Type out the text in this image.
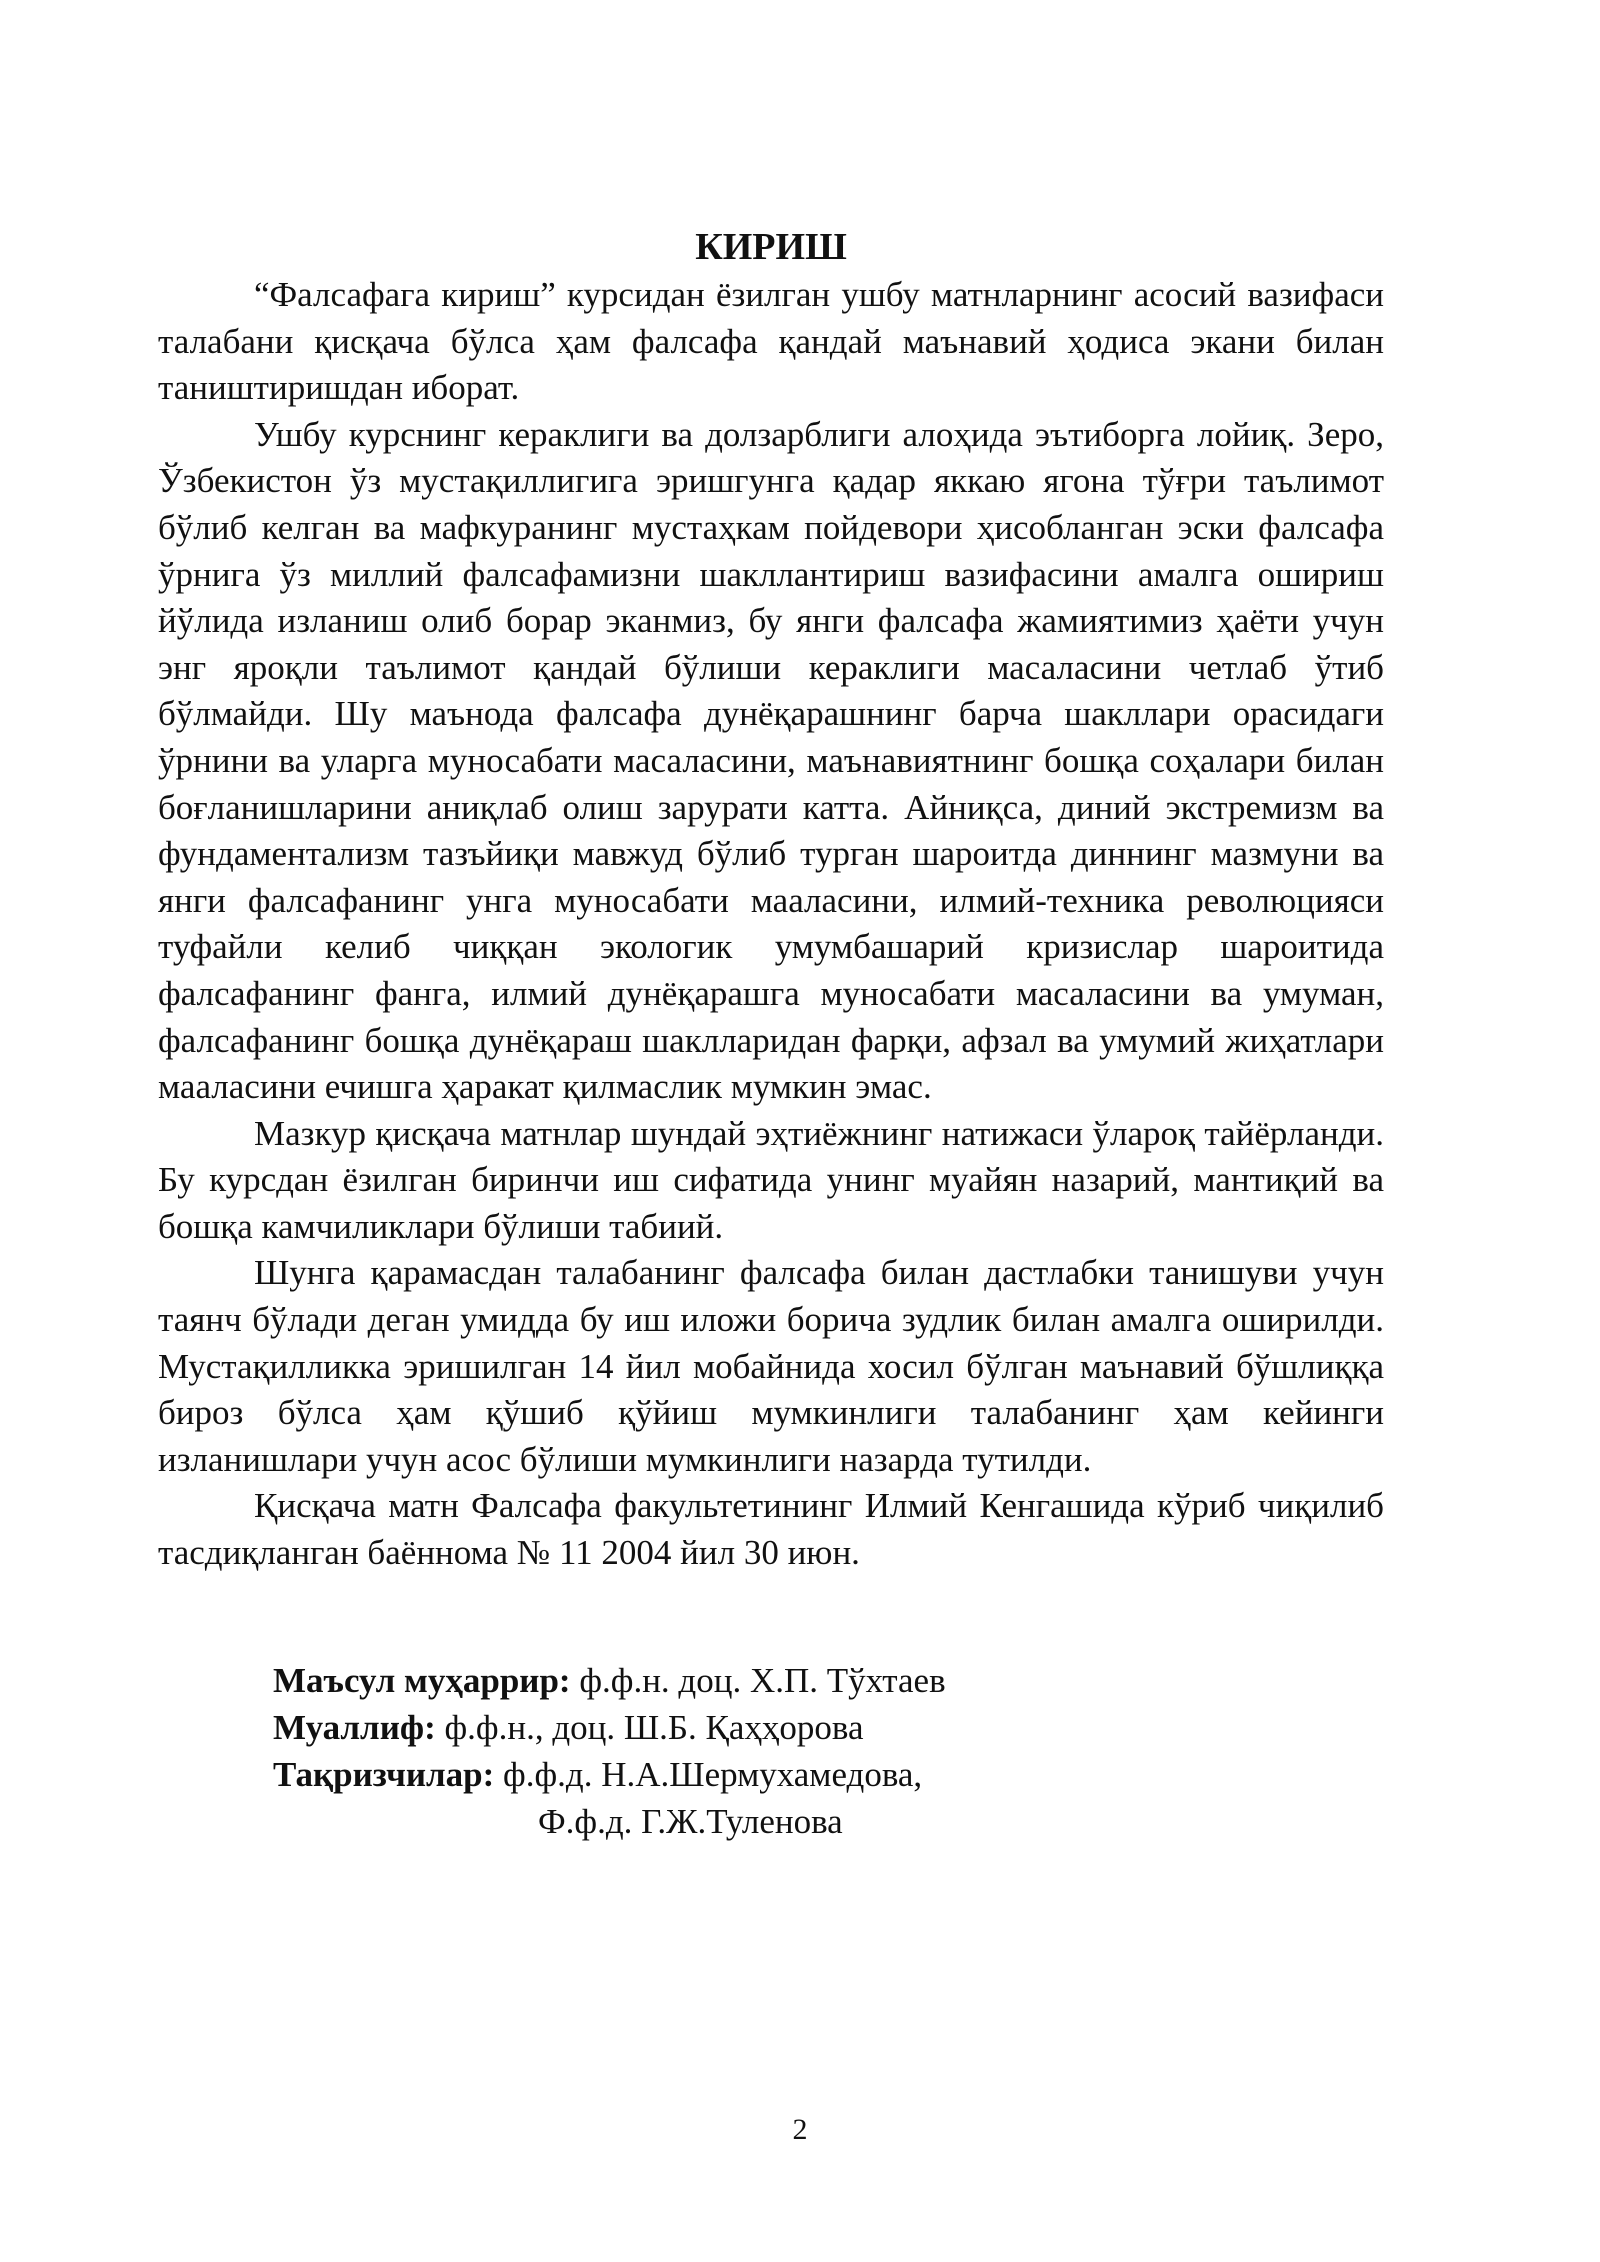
КИРИШ

“Фалсафага кириш” курсидан ёзилган ушбу матнларнинг асосий вазифаси талабани қисқача бўлса ҳам фалсафа қандай маънавий ҳодиса экани билан таништиришдан иборат.

Ушбу курснинг кераклиги ва долзарблиги алоҳида эътиборга лойиқ. Зеро, Ўзбекистон ўз мустақиллигига эришгунга қадар яккаю ягона тўғри таълимот бўлиб келган ва мафкуранинг мустаҳкам пойдевори ҳисобланган эски фалсафа ўрнига ўз миллий фалсафамизни шакллантириш вазифасини амалга ошириш йўлида изланиш олиб борар эканмиз, бу янги фалсафа жамиятимиз ҳаёти учун энг яроқли таълимот қандай бўлиши кераклиги масаласини четлаб ўтиб бўлмайди. Шу маънода фалсафа дунёқарашнинг барча шакллари орасидаги ўрнини ва уларга муносабати масаласини, маънавиятнинг бошқа соҳалари билан боғланишларини аниқлаб олиш зарурати катта. Айниқса, диний экстремизм ва фундаментализм тазъйиқи мавжуд бўлиб турган шароитда диннинг мазмуни ва янги фалсафанинг унга муносабати мааласини, илмий-техника революцияси туфайли келиб чиққан экологик умумбашарий кризислар шароитида фалсафанинг фанга, илмий дунёқарашга муносабати масаласини ва умуман, фалсафанинг бошқа дунёқараш шаклларидан фарқи, афзал ва умумий жиҳатлари мааласини ечишга ҳаракат қилмаслик мумкин эмас.

Мазкур қисқача матнлар шундай эҳтиёжнинг натижаси ўлароқ тайёрланди. Бу курсдан ёзилган биринчи иш сифатида унинг муайян назарий, мантиқий ва бошқа камчиликлари бўлиши табиий.

Шунга қарамасдан талабанинг фалсафа билан дастлабки танишуви учун таянч бўлади деган умидда бу иш иложи борича зудлик билан амалга оширилди. Мустақилликка эришилган 14 йил мобайнида хосил бўлган маънавий бўшлиққа бироз бўлса ҳам қўшиб қўйиш мумкинлиги талабанинг ҳам кейинги изланишлари учун асос бўлиши мумкинлиги назарда тутилди.

Қисқача матн Фалсафа факультетининг Илмий Кенгашида кўриб чиқилиб тасдиқланган баённома № 11 2004 йил 30 июн.

Маъсул муҳаррир: ф.ф.н. доц. Х.П. Тўхтаев

Муаллиф: ф.ф.н., доц. Ш.Б. Қаҳҳорова

Тақризчилар: ф.ф.д. Н.А.Шермухамедова,

Ф.ф.д. Г.Ж.Туленова

2
